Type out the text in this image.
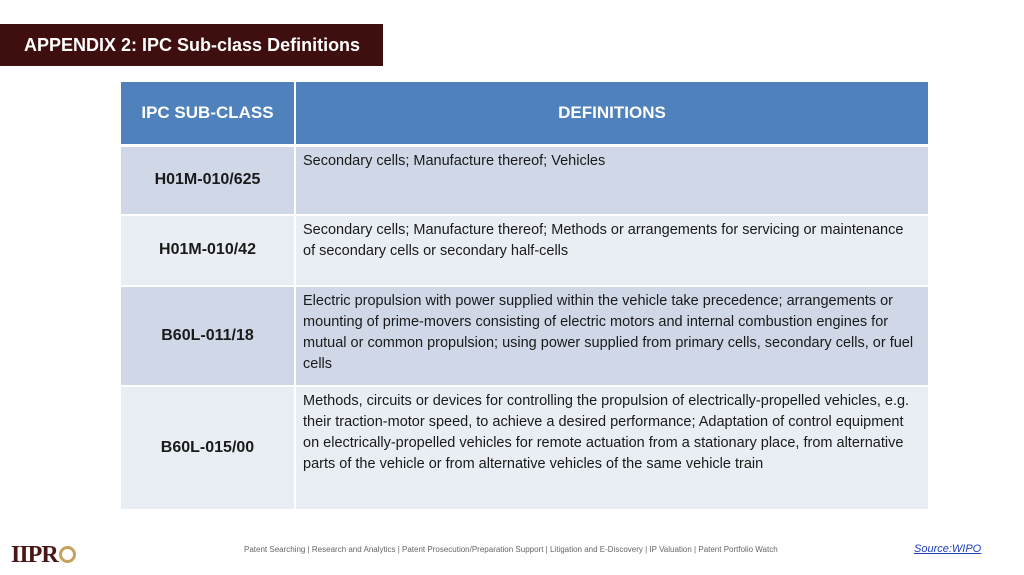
APPENDIX 2: IPC Sub-class Definitions
IPC SUB-CLASS	DEFINITIONS
H01M-010/625	Secondary cells; Manufacture thereof; Vehicles
H01M-010/42	Secondary cells; Manufacture thereof; Methods or arrangements for servicing or maintenance of secondary cells or secondary half-cells
B60L-011/18	Electric propulsion with power supplied within the vehicle take precedence; arrangements or mounting of prime-movers consisting of electric motors and internal combustion engines for mutual or common propulsion; using power supplied from primary cells, secondary cells, or fuel cells
B60L-015/00	Methods, circuits or devices for controlling the propulsion of electrically-propelled vehicles, e.g. their traction-motor speed, to achieve a desired performance; Adaptation of control equipment on electrically-propelled vehicles for remote actuation from a stationary place, from alternative parts of the vehicle or from alternative vehicles of the same vehicle train
IIPR	Patent Searching | Research and Analytics | Patent Prosecution/Preparation Support | Litigation and E-Discovery | IP Valuation | Patent Portfolio Watch	Source:WIPO
